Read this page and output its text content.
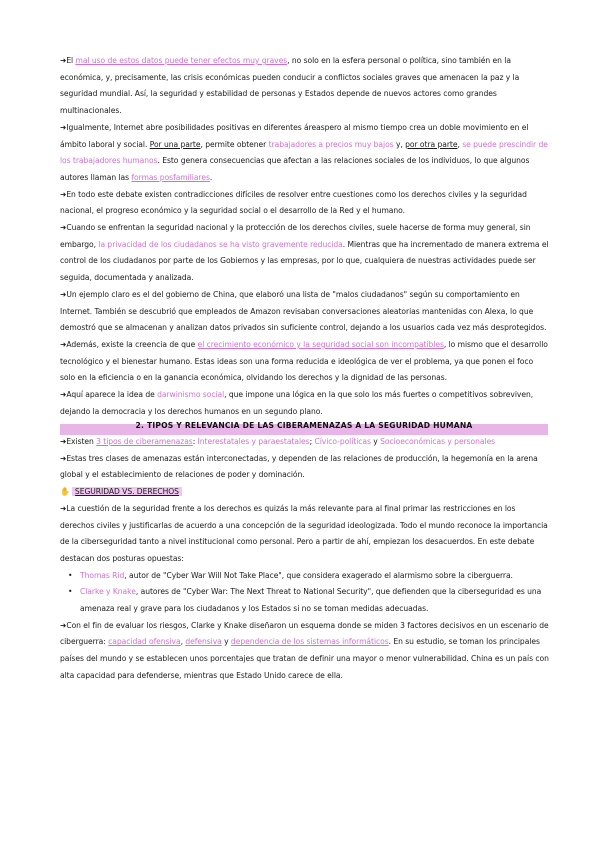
➜El mal uso de estos datos puede tener efectos muy graves, no solo en la esfera personal o política, sino también en la económica, y, precisamente, las crisis económicas pueden conducir a conflictos sociales graves que amenacen la paz y la seguridad mundial. Así, la seguridad y estabilidad de personas y Estados depende de nuevos actores como grandes multinacionales.

➜Igualmente, Internet abre posibilidades positivas en diferentes áreaspero al mismo tiempo crea un doble movimiento en el ámbito laboral y social. Por una parte, permite obtener trabajadores a precios muy bajos y, por otra parte, se puede prescindir de los trabajadores humanos. Esto genera consecuencias que afectan a las relaciones sociales de los individuos, lo que algunos autores llaman las formas posfamiliares.

➜En todo este debate existen contradicciones difíciles de resolver entre cuestiones como los derechos civiles y la seguridad nacional, el progreso económico y la seguridad social o el desarrollo de la Red y el humano.

➜Cuando se enfrentan la seguridad nacional y la protección de los derechos civiles, suele hacerse de forma muy general, sin embargo, la privacidad de los ciudadanos se ha visto gravemente reducida. Mientras que ha incrementado de manera extrema el control de los ciudadanos por parte de los Gobiernos y las empresas, por lo que, cualquiera de nuestras actividades puede ser seguida, documentada y analizada.

➜Un ejemplo claro es el del gobierno de China, que elaboró una lista de "malos ciudadanos" según su comportamiento en Internet. También se descubrió que empleados de Amazon revisaban conversaciones aleatorias mantenidas con Alexa, lo que demostró que se almacenan y analizan datos privados sin suficiente control, dejando a los usuarios cada vez más desprotegidos.

➜Además, existe la creencia de que el crecimiento económico y la seguridad social son incompatibles, lo mismo que el desarrollo tecnológico y el bienestar humano. Estas ideas son una forma reducida e ideológica de ver el problema, ya que ponen el foco solo en la eficiencia o en la ganancia económica, olvidando los derechos y la dignidad de las personas.

➜Aquí aparece la idea de darwinismo social, que impone una lógica en la que solo los más fuertes o competitivos sobreviven, dejando la democracia y los derechos humanos en un segundo plano.

2. TIPOS Y RELEVANCIA DE LAS CIBERAMENAZAS A LA SEGURIDAD HUMANA

➜Existen 3 tipos de ciberamenazas: Interestatales y paraestatales; Cívico-políticas y Socioeconómicas y personales

➜Estas tres clases de amenazas están interconectadas, y dependen de las relaciones de producción, la hegemonía en la arena global y el establecimiento de relaciones de poder y dominación.

✋ SEGURIDAD VS. DERECHOS

➜La cuestión de la seguridad frente a los derechos es quizás la más relevante para al final primar las restricciones en los derechos civiles y justificarlas de acuerdo a una concepción de la seguridad ideologizada. Todo el mundo reconoce la importancia de la ciberseguridad tanto a nivel institucional como personal. Pero a partir de ahí, empiezan los desacuerdos. En este debate destacan dos posturas opuestas:

• Thomas Rid, autor de "Cyber War Will Not Take Place", que considera exagerado el alarmismo sobre la ciberguerra.
• Clarke y Knake, autores de "Cyber War: The Next Threat to National Security", que defienden que la ciberseguridad es una amenaza real y grave para los ciudadanos y los Estados si no se toman medidas adecuadas.

➜Con el fin de evaluar los riesgos, Clarke y Knake diseñaron un esquema donde se miden 3 factores decisivos en un escenario de ciberguerra: capacidad ofensiva, defensiva y dependencia de los sistemas informáticos. En su estudio, se toman los principales países del mundo y se establecen unos porcentajes que tratan de definir una mayor o menor vulnerabilidad. China es un país con alta capacidad para defenderse, mientras que Estado Unido carece de ella.
